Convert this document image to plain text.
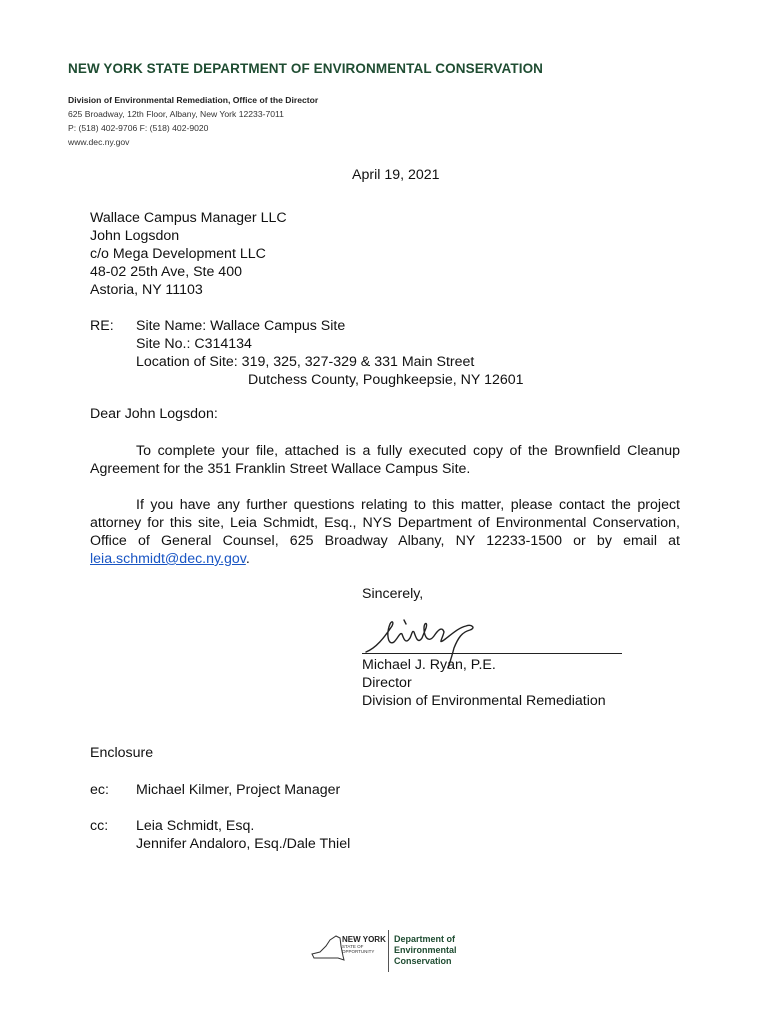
NEW YORK STATE DEPARTMENT OF ENVIRONMENTAL CONSERVATION
Division of Environmental Remediation, Office of the Director
625 Broadway, 12th Floor, Albany, New York 12233-7011
P: (518) 402-9706 F: (518) 402-9020
www.dec.ny.gov
April 19, 2021
Wallace Campus Manager LLC
John Logsdon
c/o Mega Development LLC
48-02 25th Ave, Ste 400
Astoria, NY 11103
RE: Site Name: Wallace Campus Site
Site No.: C314134
Location of Site: 319, 325, 327-329 & 331 Main Street
Dutchess County, Poughkeepsie, NY 12601
Dear John Logsdon:
To complete your file, attached is a fully executed copy of the Brownfield Cleanup Agreement for the 351 Franklin Street Wallace Campus Site.
If you have any further questions relating to this matter, please contact the project attorney for this site, Leia Schmidt, Esq., NYS Department of Environmental Conservation, Office of General Counsel, 625 Broadway Albany, NY 12233-1500 or by email at leia.schmidt@dec.ny.gov.
Sincerely,
Michael J. Ryan, P.E.
Director
Division of Environmental Remediation
Enclosure
ec: Michael Kilmer, Project Manager
cc: Leia Schmidt, Esq.
Jennifer Andaloro, Esq./Dale Thiel
NEW YORK
STATE OF
OPPORTUNITY
Department of
Environmental
Conservation
